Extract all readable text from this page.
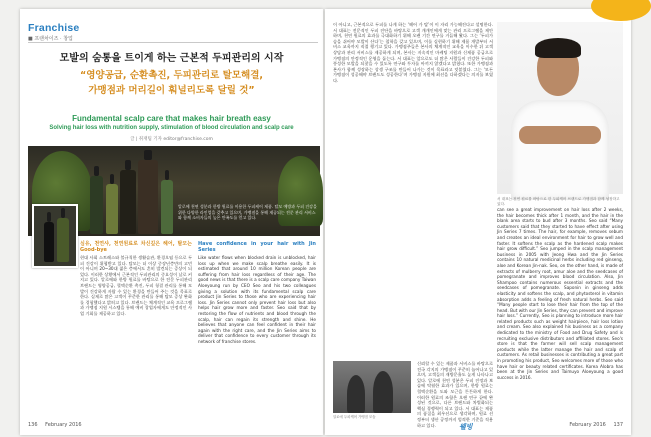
Franchise
■ 프랜차이즈 · 창업
모발의 숨통을 트이게 하는 근본적 두피관리의 시작
“영양공급, 순환촉진, 두피관리로 탈모해결,
가맹점과 머리길이 훠널리도록 달릴 것”
Fundamental scalp care that makes hair breath easy
Solving hair loss with nutrition supply, stimulation of blood circulation and scalp care
글 | 취재팀 기자 editor@franchise.com
알로에 천연 성분과 한방 원료를 이용한 두피케어 제품. 탈모 예방과 두피 건강을 위한 다양한 라인업을 갖추고 있으며, 가맹점을 통해 제공되는 전문 관리 서비스와 함께 소비자들의 높은 만족도를 얻고 있다.
심유, 천연샤, 천연원료로 차신깊은 헤어, 탈모는 Good-bye
현대 사회 스트레스와 불규칙한 생활습관, 환경오염 등으로 두피 건강이 위협받고 있다. 탈모는 더 이상 중장년층만의 고민이 아니며 20~30대 젊은 층에서도 흔히 발견되는 증상이 되었다. 이러한 상황에서 근본적인 두피관리의 중요성이 날로 커지고 있다. 알로에와 한방 원료를 바탕으로 한 전문 두피관리 브랜드는 영양공급, 혈액순환 촉진, 두피 청결 관리를 통해 모발이 건강하게 자랄 수 있는 환경을 만들어 주는 것을 목표로 한다. 실제로 많은 고객이 꾸준한 관리를 통해 탈모 증상 완화를 경험했다고 밝히고 있다. 브랜드는 체계적인 교육 프로그램과 가맹점 지원 시스템을 통해 예비 창업자에게도 안정적인 사업 기회를 제공하고 있다.
Have confidence in your hair with Jin Series
Like water flows when blocked drain is unblocked, hair loss up when we make scalp breathe easily. It is estimated that around 10 million Korean people are suffering from hair loss regardless of their age. The good news is that there is a scalp care company Taiwan Aloeyoung run by CEO Seo and his two colleagues giving a solution with its fundamental scalp care product Jin Series to those who are experiencing hair loss. Jin Series cannot only prevent hair loss but also helps hair grow more and faster. Seo said that by restoring the flow of nutrients and blood through the scalp, hair can regain its strength and shine. He believes that anyone can feel confident in their hair again with the right care, and the Jin Series aims to deliver that confidence to every customer through its network of franchise stores.
136 February 2016
이 아니고, 근본적으로 두피를 나게 하는 ‘헤어 가 탈’이 이 자리 가능해진다고 설명한다. 서 대표는 전문적인 두피 진단을 바탕으로 고객 개개인에게 맞는 관리 프로그램을 제안하며, 천연 원료의 효과를 극대화하기 위해 오랜 기간 연구를 거듭해 왔다. 그는 ‘두피가 숨을 쉬어야 모발이 산다’는 철학을 갖고 있으며, 이를 실현하기 위해 제품 개발부터 서비스 교육까지 직접 챙기고 있다. 가맹점주들은 본사의 체계적인 교육을 이수한 뒤 고객 상담과 관리 서비스를 제공하게 되며, 본사는 지속적인 마케팅 지원과 신제품 공급으로 가맹점의 안정적인 운영을 돕는다. 서 대표는 앞으로도 더 많은 사람들이 건강한 두피와 풍성한 모발을 되찾을 수 있도록 연구와 투자를 아끼지 않겠다고 밝혔다. 또한 가맹점과 본사가 함께 성장하는 상생 구조를 만들어 나가는 것이 목표라고 덧붙였다. 그는 ‘모든 가맹점이 성공해야 브랜드도 성공한다’며 가맹점 지원에 최선을 다하겠다는 의지를 보였다.
서 대표는 천연 원료를 바탕으로 한 두피케어 브랜드로 가맹점과 함께 성장하고 있다.
신뢰할 수 있는 제품과 서비스를 바탕으로 전국 각지의 가맹점이 꾸준히 늘어나고 있으며, 고객들의 재방문율도 높게 나타나고 있다. 알로에 천연 성분은 두피 진정과 보습에 탁월한 효과가 있으며, 한방 원료는 혈액순환을 도와 모근을 튼튼하게 한다. 이러한 원료의 조합은 오랜 연구 끝에 완성된 것으로, 다른 브랜드와 차별화되는 핵심 경쟁력이 되고 있다. 서 대표는 제품의 품질을 최우선으로 생각하며, 원료 선정부터 생산 공정까지 엄격한 기준을 적용하고 있다.
알로에 두피케어 가맹점 모습
can see a great improvement on hair loss after 2 weeks, the hair becomes thick after 1 month, and the hair in the blank area starts to bud after 3 months. Seo said “Many customers said that they started to have effect after using Jin Series 7 times. The hair, for example, removes sebum and creates an ideal environment for hair to grow well and faster. It softens the scalp as the hardened scalp makes hair grow difficult.” Seo jumped in the scalp management business in 2005 with Jeong Hwa and the Jin Series contains 10 natural medicinal herbs including red ginseng, aloe and Korean Jin-nak. Seo, on the other hand, is made of extracts of mulberry root, amur aloe and the seedcases of pomegranate and improves blood circulation. Also, Jin Shampoo contains numerous essential extracts and the seedcases of pomegranate. Saponin in ginseng adds elasticity and softens the scalp, and phytosterol in vitamin absorption adds a feeling of fresh natural herbs. Seo said “Many people start to lose their hair from the top of the head. But with our Jin Series, they can prevent and improve hair loss.” Currently, Seo is planning to introduce more hair related products such as weight hairpiece, hair loss lotion and cream. Seo also explained his business as a company dedicated to the ministry of Food and Drug Safety and is recruiting exclusive distributors and affiliated stores. Seo's store is that the farmer will sell scalp management products while the latter manage the hair and scalp of customers. As retail businesses is contributing a great part in promoting his product, Seo welcomes more of those who have hair or beauty related certificates. Korea Alobra has been at the Jin Series and Taimuyo Aloeyoung a good success in 2016.
웰빙	February 2016 137
